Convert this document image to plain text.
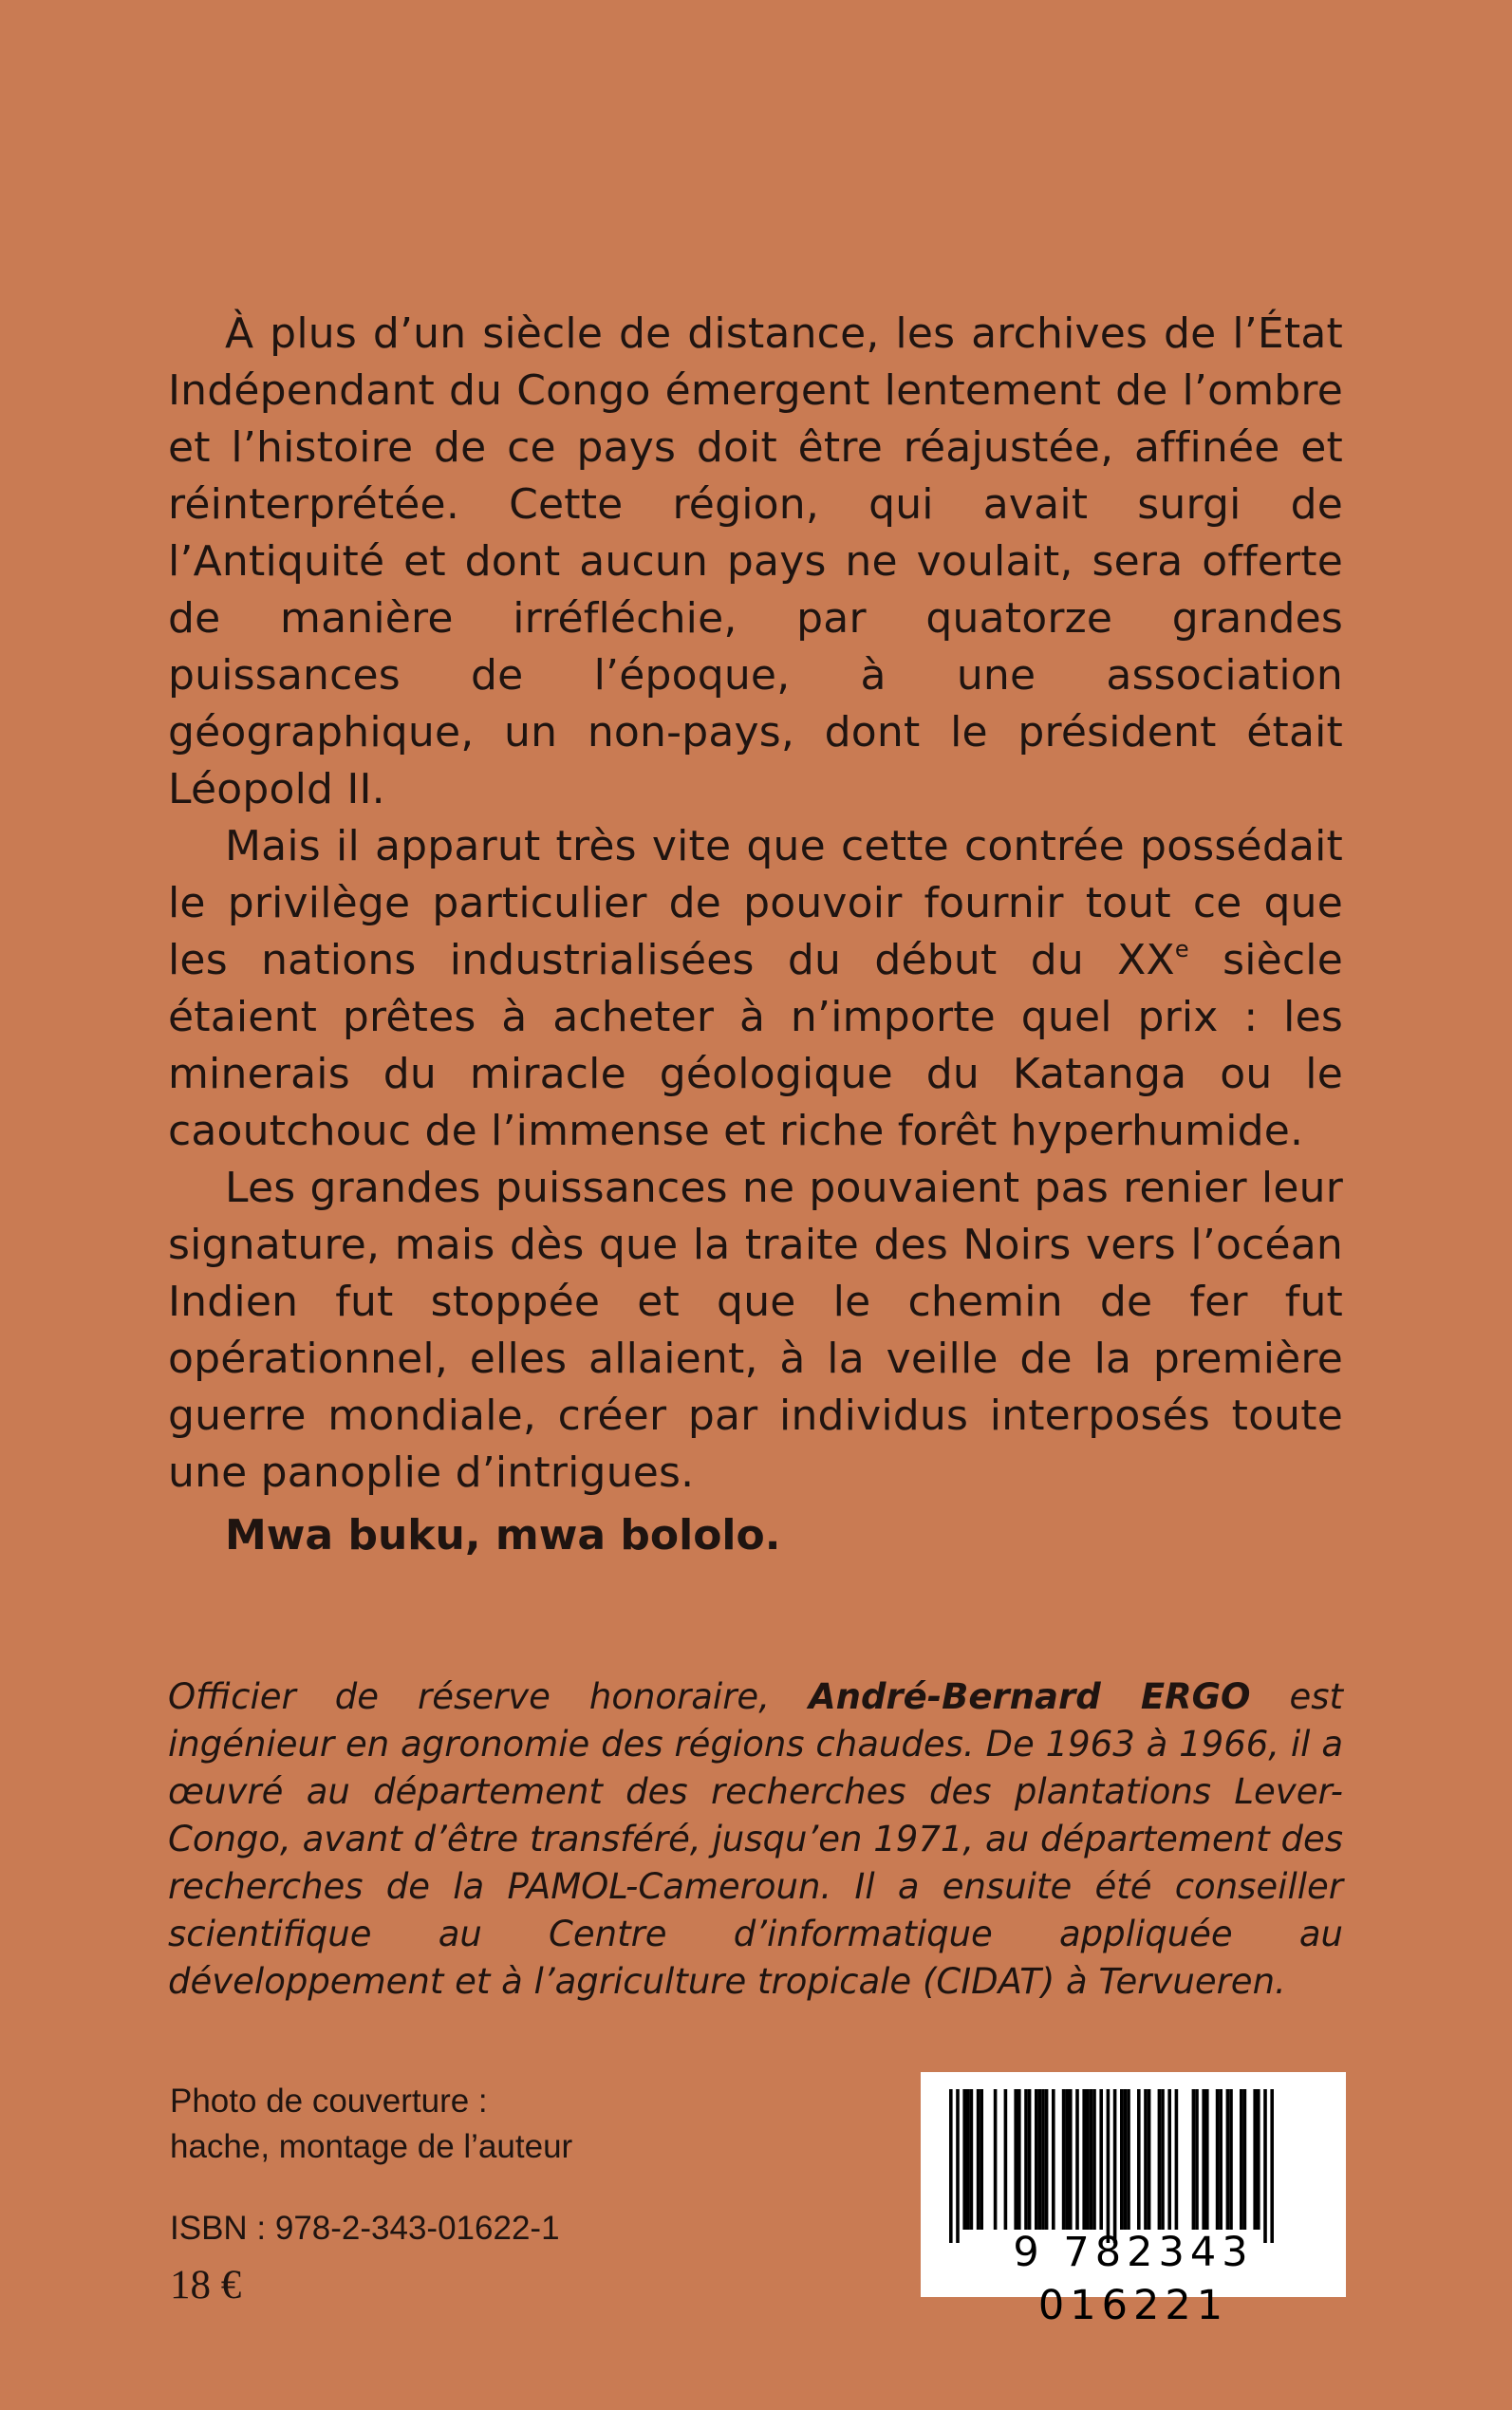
À plus d’un siècle de distance, les archives de l’État Indépendant du Congo émergent lentement de l’ombre et l’histoire de ce pays doit être réajustée, affinée et réinterprétée. Cette région, qui avait surgi de l’Antiquité et dont aucun pays ne voulait, sera offerte de manière irréfléchie, par quatorze grandes puissances de l’époque, à une association géographique, un non-pays, dont le président était Léopold II.

Mais il apparut très vite que cette contrée possédait le privilège particulier de pouvoir fournir tout ce que les nations industrialisées du début du XXe siècle étaient prêtes à acheter à n’importe quel prix : les minerais du miracle géologique du Katanga ou le caoutchouc de l’immense et riche forêt hyperhumide.

Les grandes puissances ne pouvaient pas renier leur signature, mais dès que la traite des Noirs vers l’océan Indien fut stoppée et que le chemin de fer fut opérationnel, elles allaient, à la veille de la première guerre mondiale, créer par individus interposés toute une panoplie d’intrigues.

Mwa buku, mwa bololo.

Officier de réserve honoraire, André-Bernard ERGO est ingénieur en agronomie des régions chaudes. De 1963 à 1966, il a œuvré au département des recherches des plantations Lever-Congo, avant d’être transféré, jusqu’en 1971, au département des recherches de la PAMOL-Cameroun. Il a ensuite été conseiller scientifique au Centre d’informatique appliquée au développement et à l’agriculture tropicale (CIDAT) à Tervueren.

Photo de couverture :
hache, montage de l’auteur
ISBN : 978-2-343-01622-1
18 €
9 782343 016221
